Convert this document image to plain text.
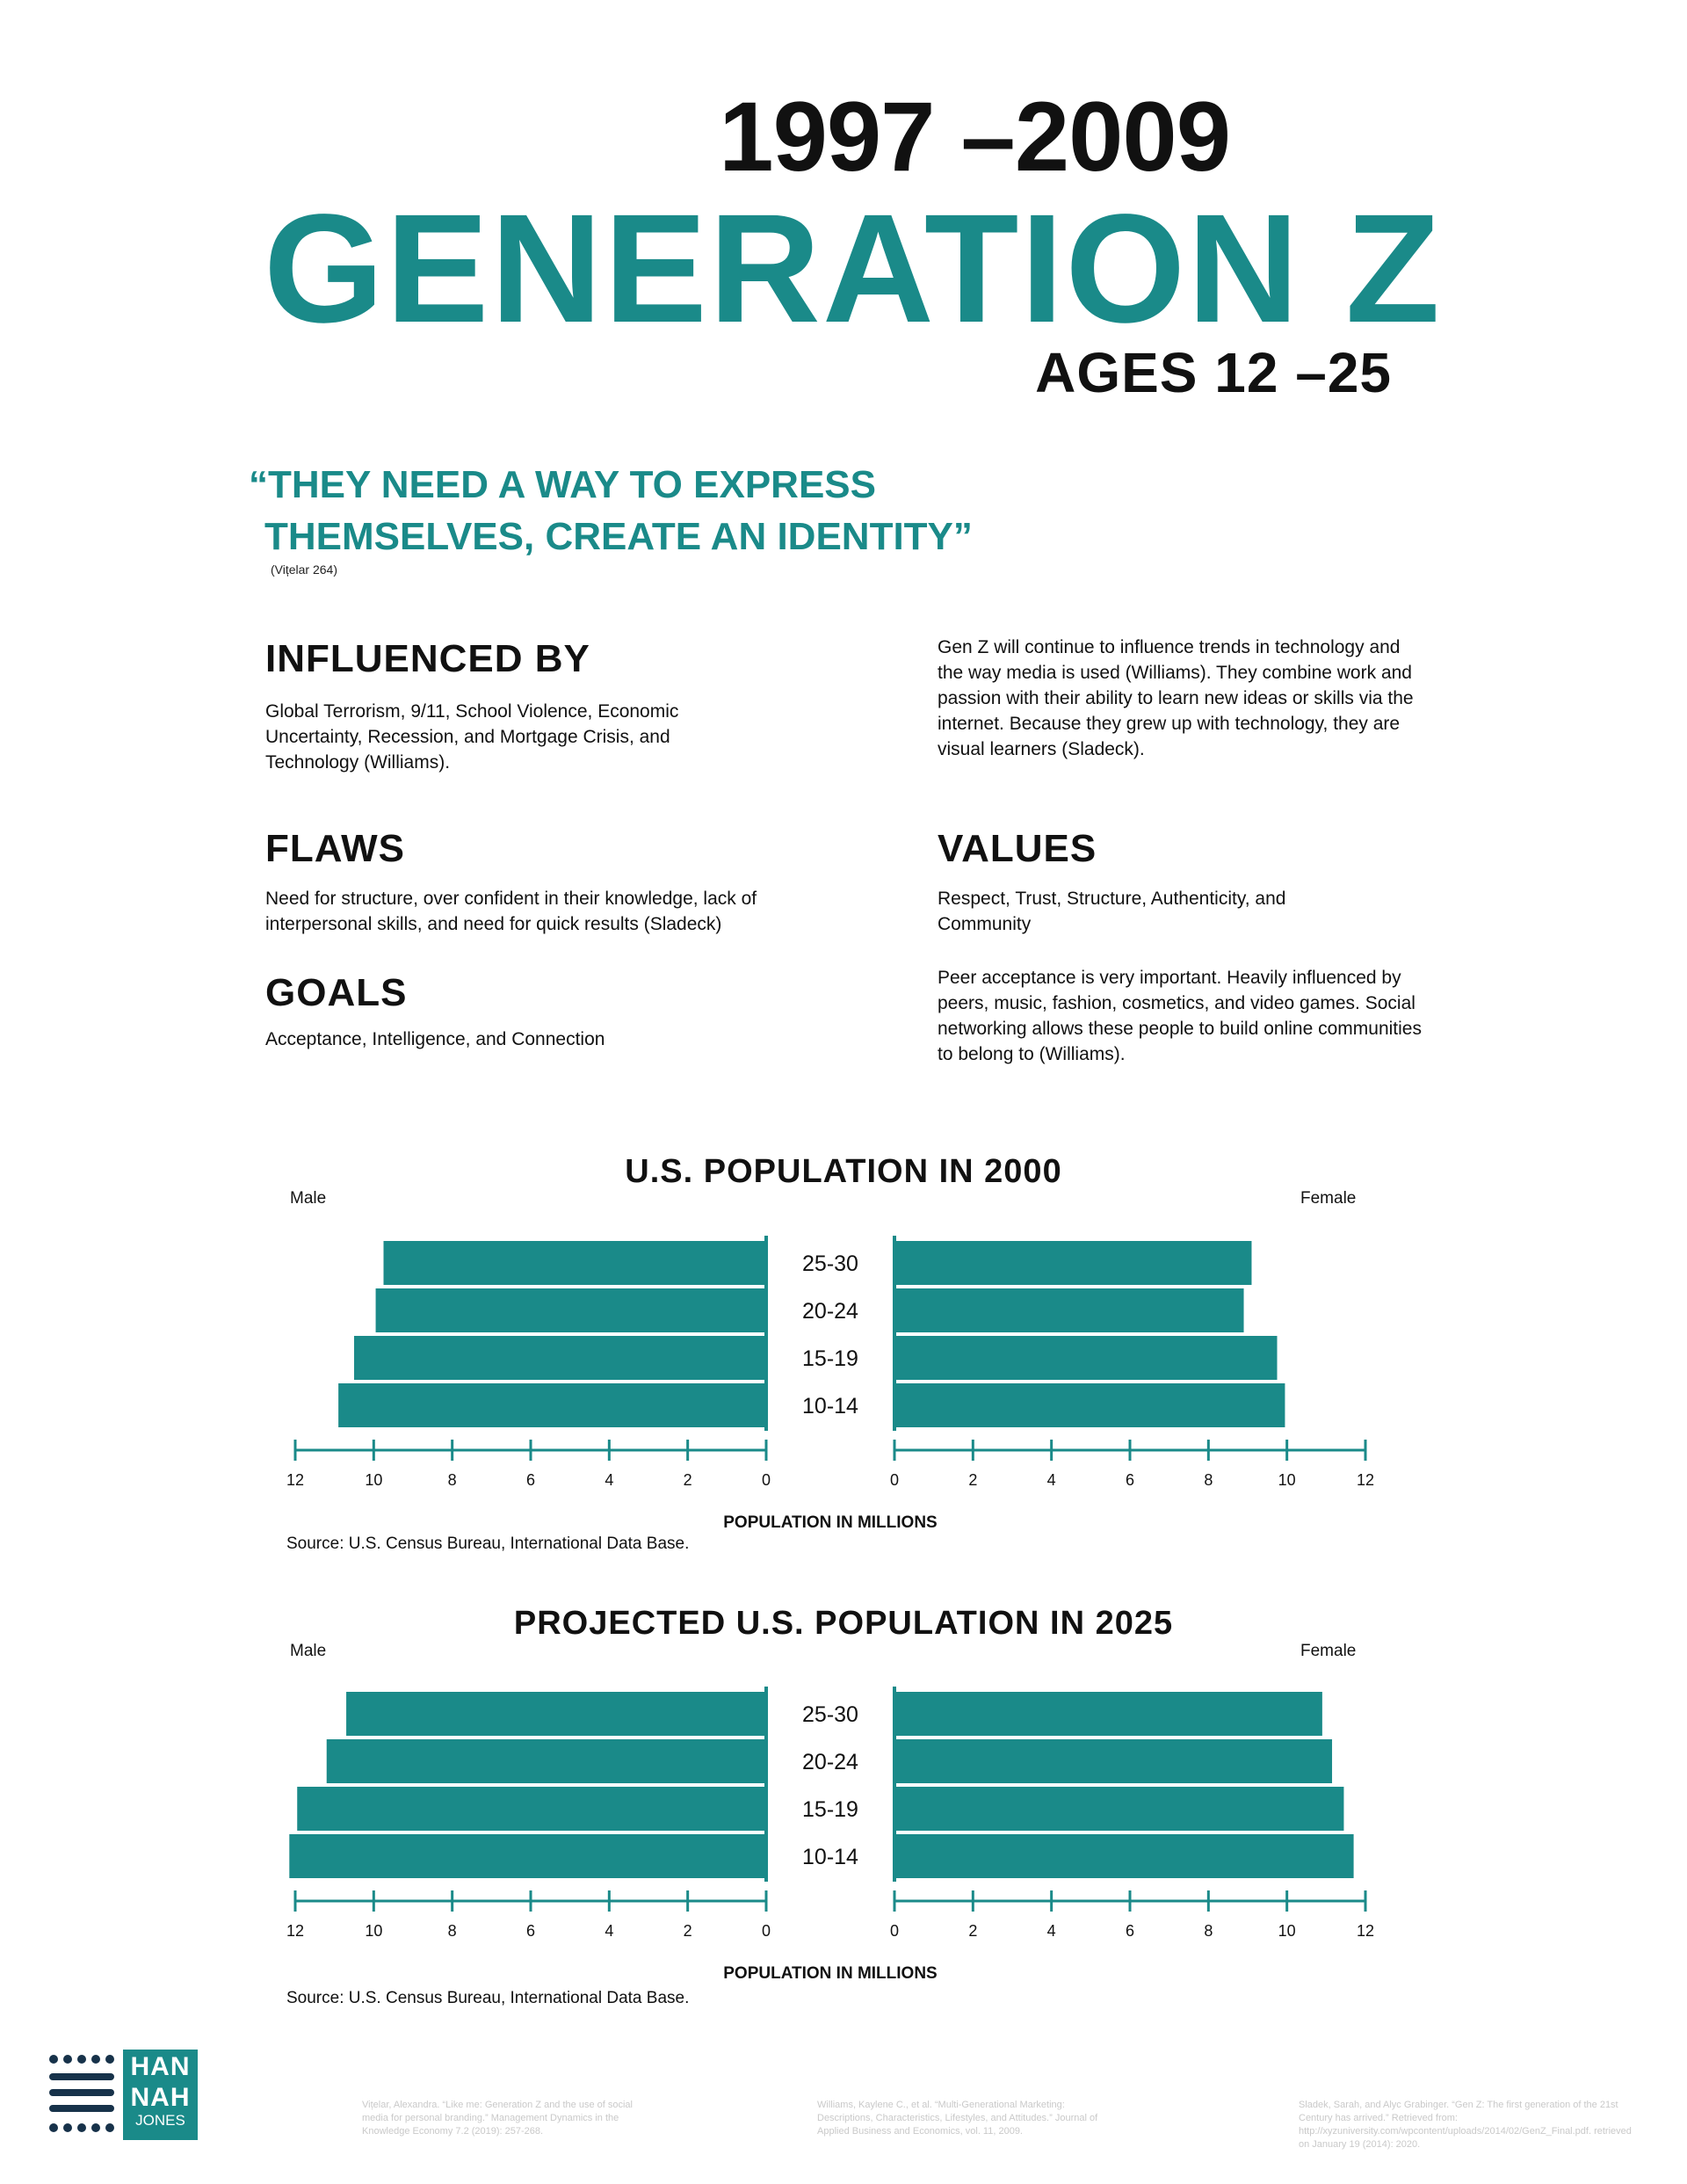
1997 –2009
GENERATION Z
AGES 12 –25
“THEY NEED A WAY TO EXPRESS
THEMSELVES, CREATE AN IDENTITY”
(Vițelar 264)
INFLUENCED BY
Global Terrorism, 9/11, School Violence, Economic Uncertainty, Recession, and Mortgage Crisis, and Technology (Williams).
FLAWS
Need for structure, over confident in their knowledge, lack of interpersonal skills, and need for quick results (Sladeck)
GOALS
Acceptance, Intelligence, and Connection
Gen Z will continue to influence trends in technology and the way media is used (Williams). They combine work and passion with their ability to learn new ideas or skills via the internet. Because they grew up with technology, they are visual learners (Sladeck).
VALUES
Respect, Trust, Structure, Authenticity, and Community
Peer acceptance is very important. Heavily influenced by peers, music, fashion, cosmetics, and video games. Social networking allows these people to build online communities to belong to (Williams).
U.S. POPULATION IN 2000
Male	Female
25-30
20-24
15-19
10-14
12	12
10	10
8	8
6	6
4	4
2	2
0	0
POPULATION IN MILLIONS
Source: U.S. Census Bureau, International Data Base.
PROJECTED U.S. POPULATION IN 2025
Male	Female
25-30
20-24
15-19
10-14
12	12
10	10
8	8
6	6
4	4
2	2
0	0
POPULATION IN MILLIONS
Source: U.S. Census Bureau, International Data Base.
HAN
NAH
JONES
Vițelar, Alexandra. “Like me: Generation Z and the use of social media for personal branding.” Management Dynamics in the Knowledge Economy 7.2 (2019): 257-268.
Williams, Kaylene C., et al. “Multi-Generational Marketing: Descriptions, Characteristics, Lifestyles, and Attitudes.” Journal of Applied Business and Economics, vol. 11, 2009.
Sladek, Sarah, and Alyc Grabinger. “Gen Z: The first generation of the 21st Century has arrived.” Retrieved from: http://xyzuniversity.com/wpcontent/uploads/2014/02/GenZ_Final.pdf. retrieved on January 19 (2014): 2020.
